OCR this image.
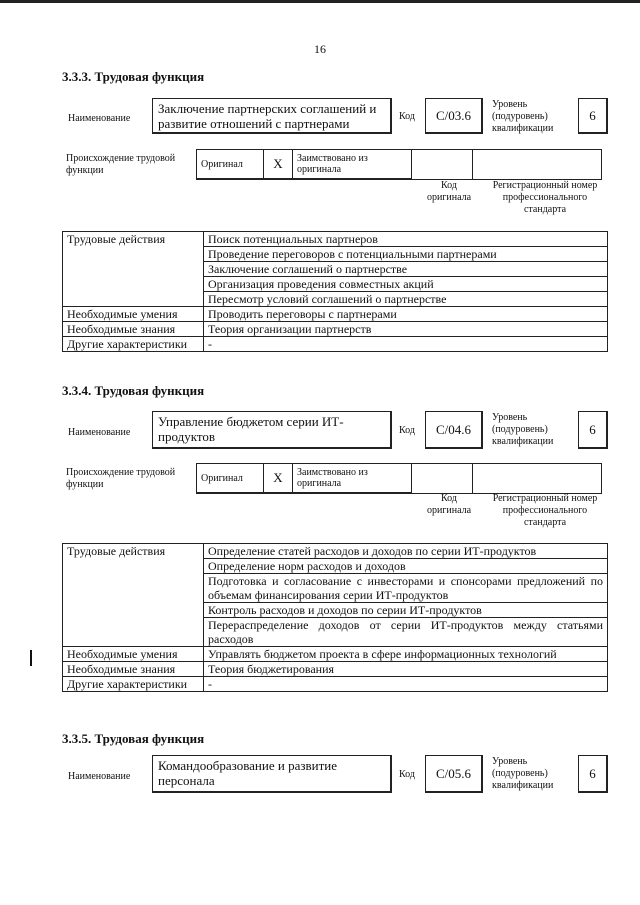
16
3.3.3. Трудовая функция
Наименование
Заключение партнерских соглашений и развитие отношений с партнерами	Код	C/03.6
Уровень (подуровень) квалификации
6
Происхождение трудовой функции
Оригинал	X	Заимствовано из оригинала		
Код оригинала
Регистрационный номер профессионального стандарта
Трудовые действия	Поиск потенциальных партнеров
	Проведение переговоров с потенциальными партнерами
	Заключение соглашений о партнерстве
	Организация проведения совместных акций
	Пересмотр условий соглашений о партнерстве
Необходимые умения	Проводить переговоры с партнерами
Необходимые знания	Теория организации партнерств
Другие характеристики	-
3.3.4. Трудовая функция
Наименование
Управление бюджетом серии ИТ-продуктов	Код	C/04.6
Уровень (подуровень) квалификации
6
Происхождение трудовой функции
Оригинал	X	Заимствовано из оригинала		
Код оригинала
Регистрационный номер профессионального стандарта
Трудовые действия	Определение статей расходов и доходов по серии ИТ-продуктов
	Определение норм расходов и доходов
	Подготовка и согласование с инвесторами и спонсорами предложений по объемам финансирования серии ИТ-продуктов
	Контроль расходов и доходов по серии ИТ-продуктов
	Перераспределение доходов от серии ИТ-продуктов между статьями расходов
Необходимые умения	Управлять бюджетом проекта в сфере информационных технологий
Необходимые знания	Теория бюджетирования
Другие характеристики	-
3.3.5. Трудовая функция
Наименование
Командообразование и развитие персонала	Код	C/05.6
Уровень (подуровень) квалификации
6
